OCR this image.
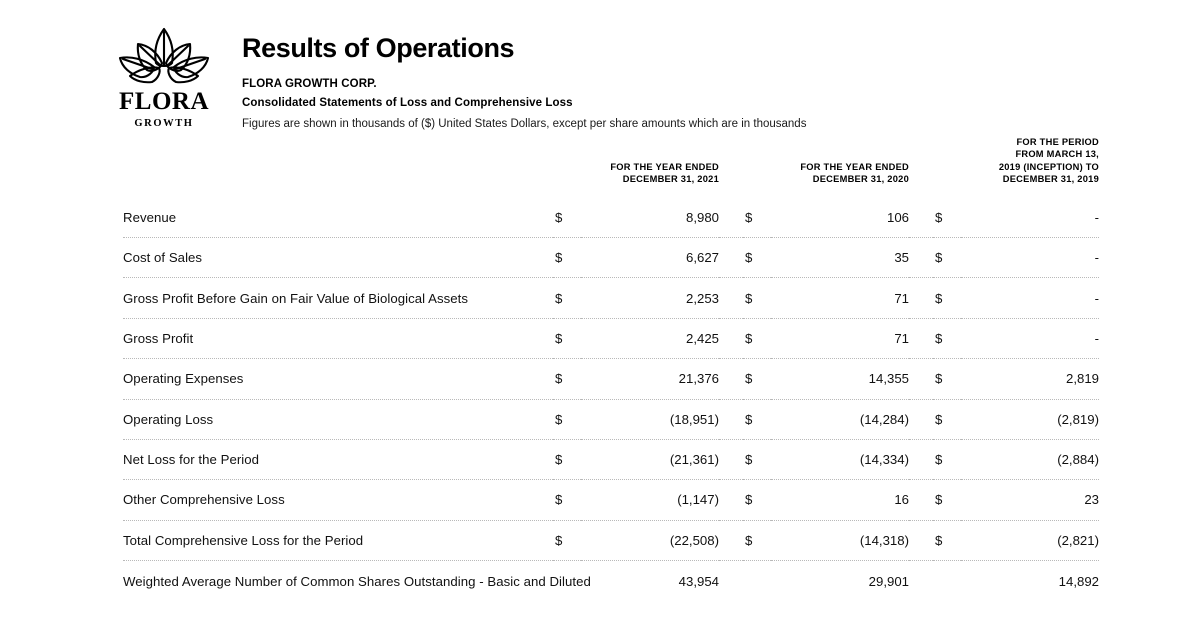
FLORA
GROWTH
Results of Operations
FLORA GROWTH CORP.
Consolidated Statements of Loss and Comprehensive Loss
Figures are shown in thousands of ($) United States Dollars, except per share amounts which are in thousands

FOR THE YEAR ENDED
DECEMBER 31, 2021

FOR THE YEAR ENDED
DECEMBER 31, 2020

FOR THE PERIOD
FROM MARCH 13,
2019 (INCEPTION) TO
DECEMBER 31, 2019

Revenue	$	8,980		$	106		$	-
Cost of Sales	$	6,627		$	35		$	-
Gross Profit Before Gain on Fair Value of Biological Assets	$	2,253		$	71		$	-
Gross Profit	$	2,425		$	71		$	-
Operating Expenses	$	21,376		$	14,355		$	2,819
Operating Loss	$	(18,951)		$	(14,284)		$	(2,819)
Net Loss for the Period	$	(21,361)		$	(14,334)		$	(2,884)
Other Comprehensive Loss	$	(1,147)		$	16		$	23
Total Comprehensive Loss for the Period	$	(22,508)		$	(14,318)		$	(2,821)
Weighted Average Number of Common Shares Outstanding - Basic and Diluted		43,954			29,901			14,892
